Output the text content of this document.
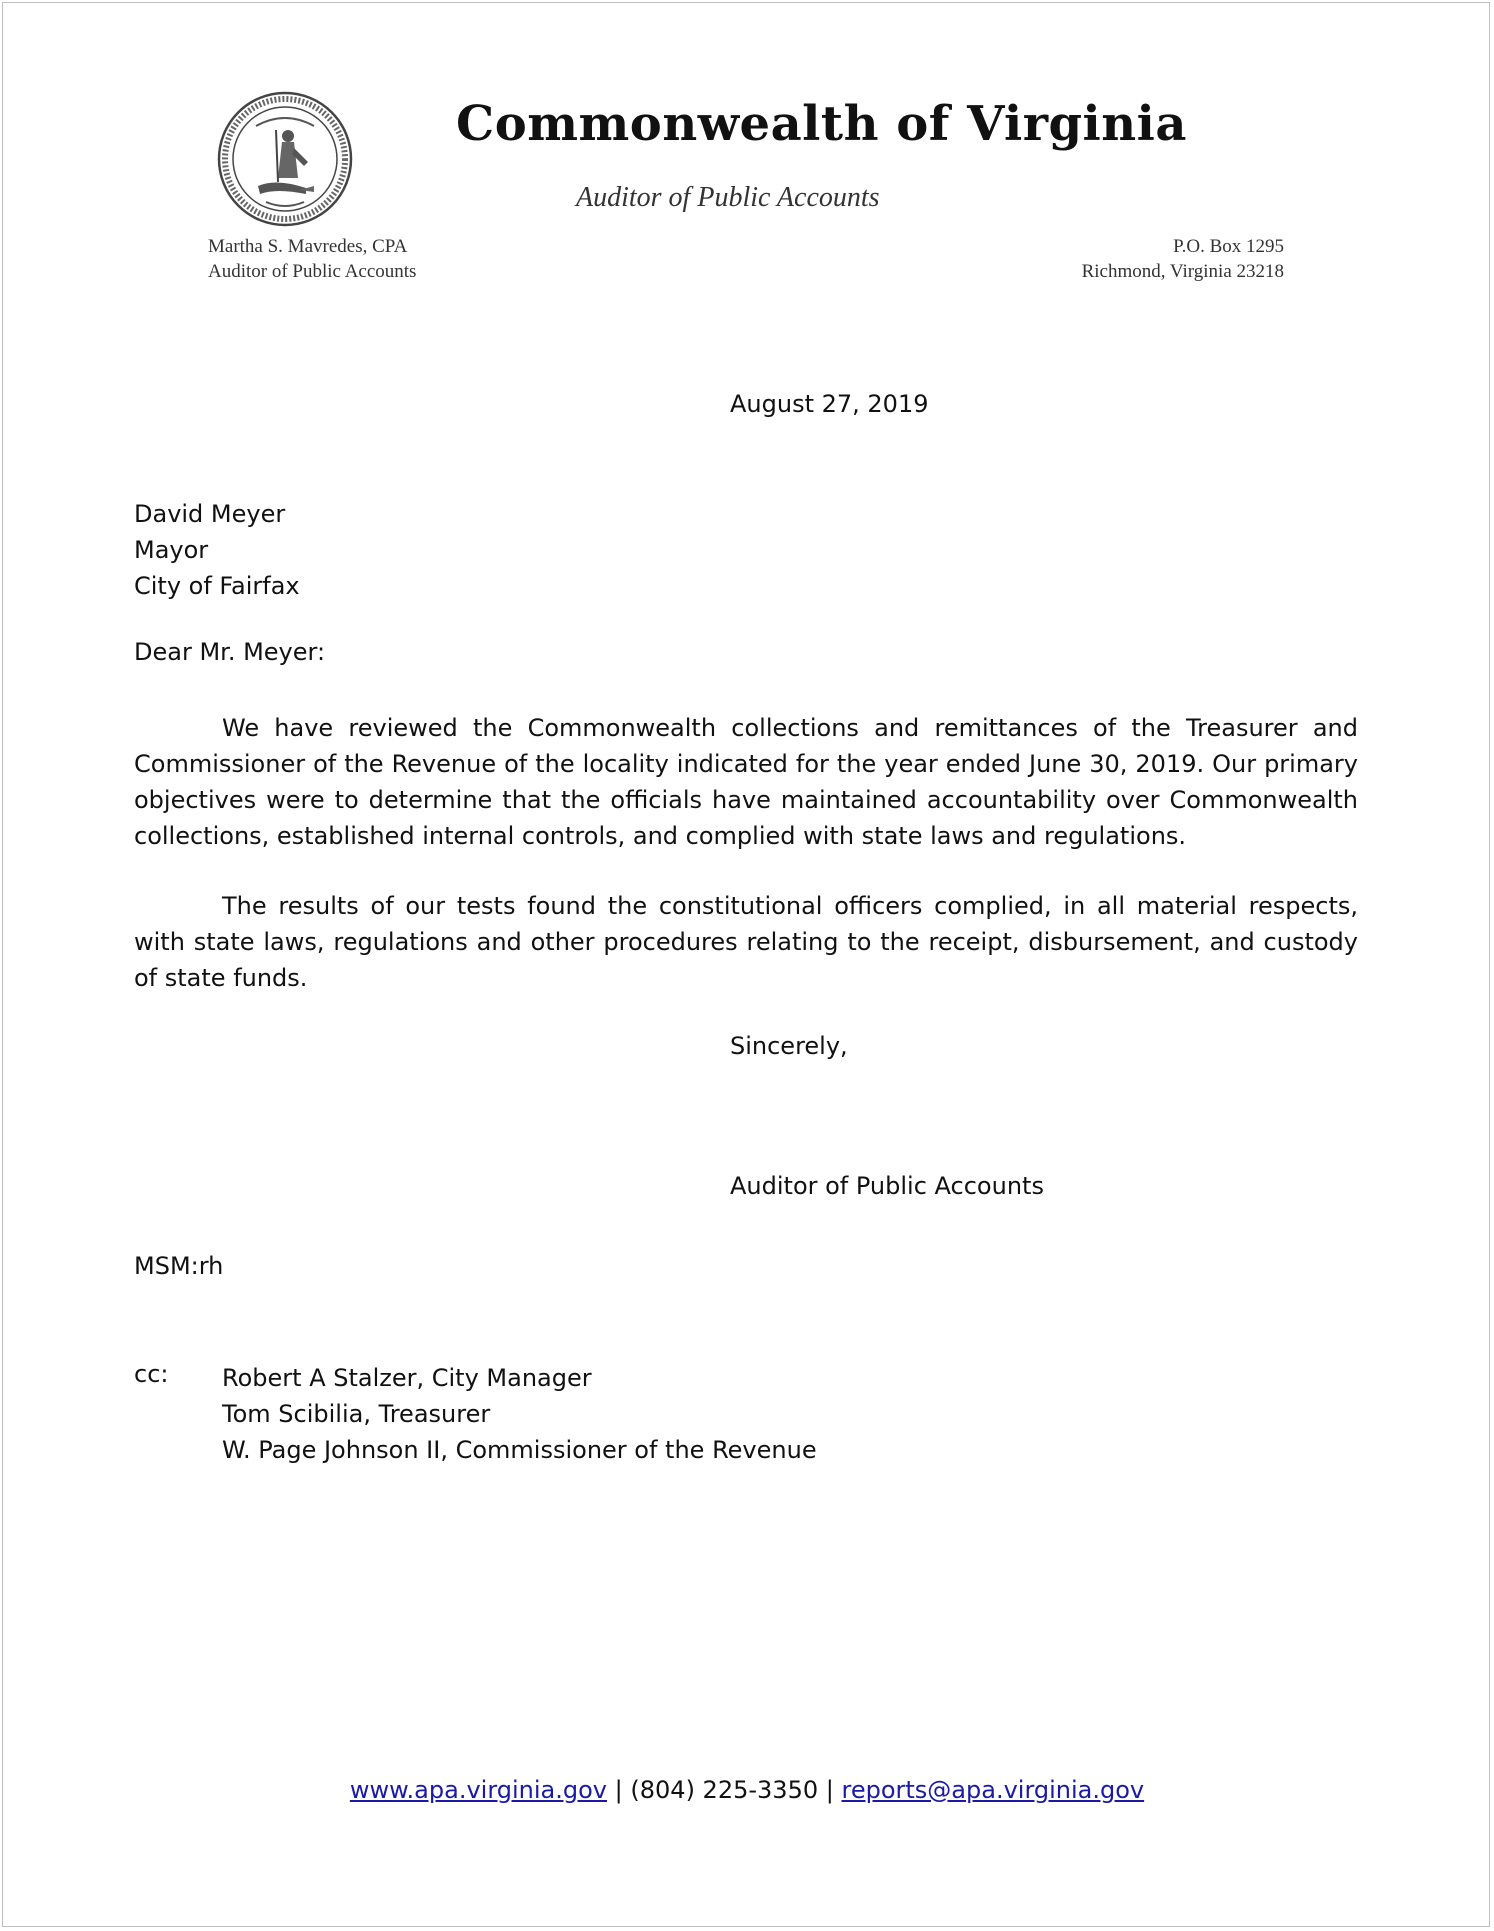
Commonwealth of Virginia
Auditor of Public Accounts
Martha S. Mavredes, CPA
Auditor of Public Accounts
P.O. Box 1295
Richmond, Virginia 23218
August 27, 2019
David Meyer
Mayor
City of Fairfax
Dear Mr. Meyer:

We have reviewed the Commonwealth collections and remittances of the Treasurer and Commissioner of the Revenue of the locality indicated for the year ended June 30, 2019. Our primary objectives were to determine that the officials have maintained accountability over Commonwealth collections, established internal controls, and complied with state laws and regulations.

The results of our tests found the constitutional officers complied, in all material respects, with state laws, regulations and other procedures relating to the receipt, disbursement, and custody of state funds.

Sincerely,
Auditor of Public Accounts
MSM:rh
cc: Robert A Stalzer, City Manager
Tom Scibilia, Treasurer
W. Page Johnson II, Commissioner of the Revenue
www.apa.virginia.gov | (804) 225-3350 | reports@apa.virginia.gov
